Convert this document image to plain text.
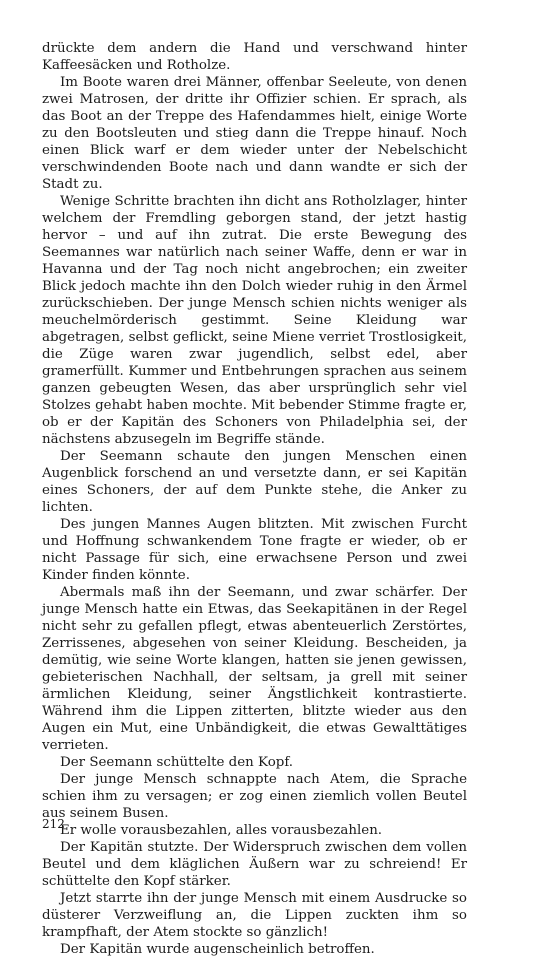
drückte dem andern die Hand und verschwand hinter Kaffeesäcken und Rotholze.

Im Boote waren drei Männer, offenbar Seeleute, von denen zwei Matrosen, der dritte ihr Offizier schien. Er sprach, als das Boot an der Treppe des Hafendammes hielt, einige Worte zu den Bootsleuten und stieg dann die Treppe hinauf. Noch einen Blick warf er dem wieder unter der Nebelschicht verschwindenden Boote nach und dann wandte er sich der Stadt zu.

Wenige Schritte brachten ihn dicht ans Rotholzlager, hinter welchem der Fremdling geborgen stand, der jetzt hastig hervor – und auf ihn zutrat. Die erste Bewegung des Seemannes war natürlich nach seiner Waffe, denn er war in Havanna und der Tag noch nicht angebrochen; ein zweiter Blick jedoch machte ihn den Dolch wieder ruhig in den Ärmel zurückschieben. Der junge Mensch schien nichts weniger als meuchelmörderisch gestimmt. Seine Kleidung war abgetragen, selbst geflickt, seine Miene verriet Trostlosigkeit, die Züge waren zwar jugendlich, selbst edel, aber gramerfüllt. Kummer und Entbehrungen sprachen aus seinem ganzen gebeugten Wesen, das aber ursprünglich sehr viel Stolzes gehabt haben mochte. Mit bebender Stimme fragte er, ob er der Kapitän des Schoners von Philadelphia sei, der nächstens abzusegeln im Begriffe stände.

Der Seemann schaute den jungen Menschen einen Augenblick forschend an und versetzte dann, er sei Kapitän eines Schoners, der auf dem Punkte stehe, die Anker zu lichten.

Des jungen Mannes Augen blitzten. Mit zwischen Furcht und Hoffnung schwankendem Tone fragte er wieder, ob er nicht Passage für sich, eine erwachsene Person und zwei Kinder finden könnte.

Abermals maß ihn der Seemann, und zwar schärfer. Der junge Mensch hatte ein Etwas, das Seekapitänen in der Regel nicht sehr zu gefallen pflegt, etwas abenteuerlich Zerstörtes, Zerrissenes, abgesehen von seiner Kleidung. Bescheiden, ja demütig, wie seine Worte klangen, hatten sie jenen gewissen, gebieterischen Nachhall, der seltsam, ja grell mit seiner ärmlichen Kleidung, seiner Ängstlichkeit kontrastierte. Während ihm die Lippen zitterten, blitzte wieder aus den Augen ein Mut, eine Unbändigkeit, die etwas Gewalttätiges verrieten.

Der Seemann schüttelte den Kopf.

Der junge Mensch schnappte nach Atem, die Sprache schien ihm zu versagen; er zog einen ziemlich vollen Beutel aus seinem Busen.

Er wolle vorausbezahlen, alles vorausbezahlen.

Der Kapitän stutzte. Der Widerspruch zwischen dem vollen Beutel und dem kläglichen Äußern war zu schreiend! Er schüttelte den Kopf stärker.

Jetzt starrte ihn der junge Mensch mit einem Ausdrucke so düsterer Verzweiflung an, die Lippen zuckten ihm so krampfhaft, der Atem stockte so gänzlich!

Der Kapitän wurde augenscheinlich betroffen.

212
